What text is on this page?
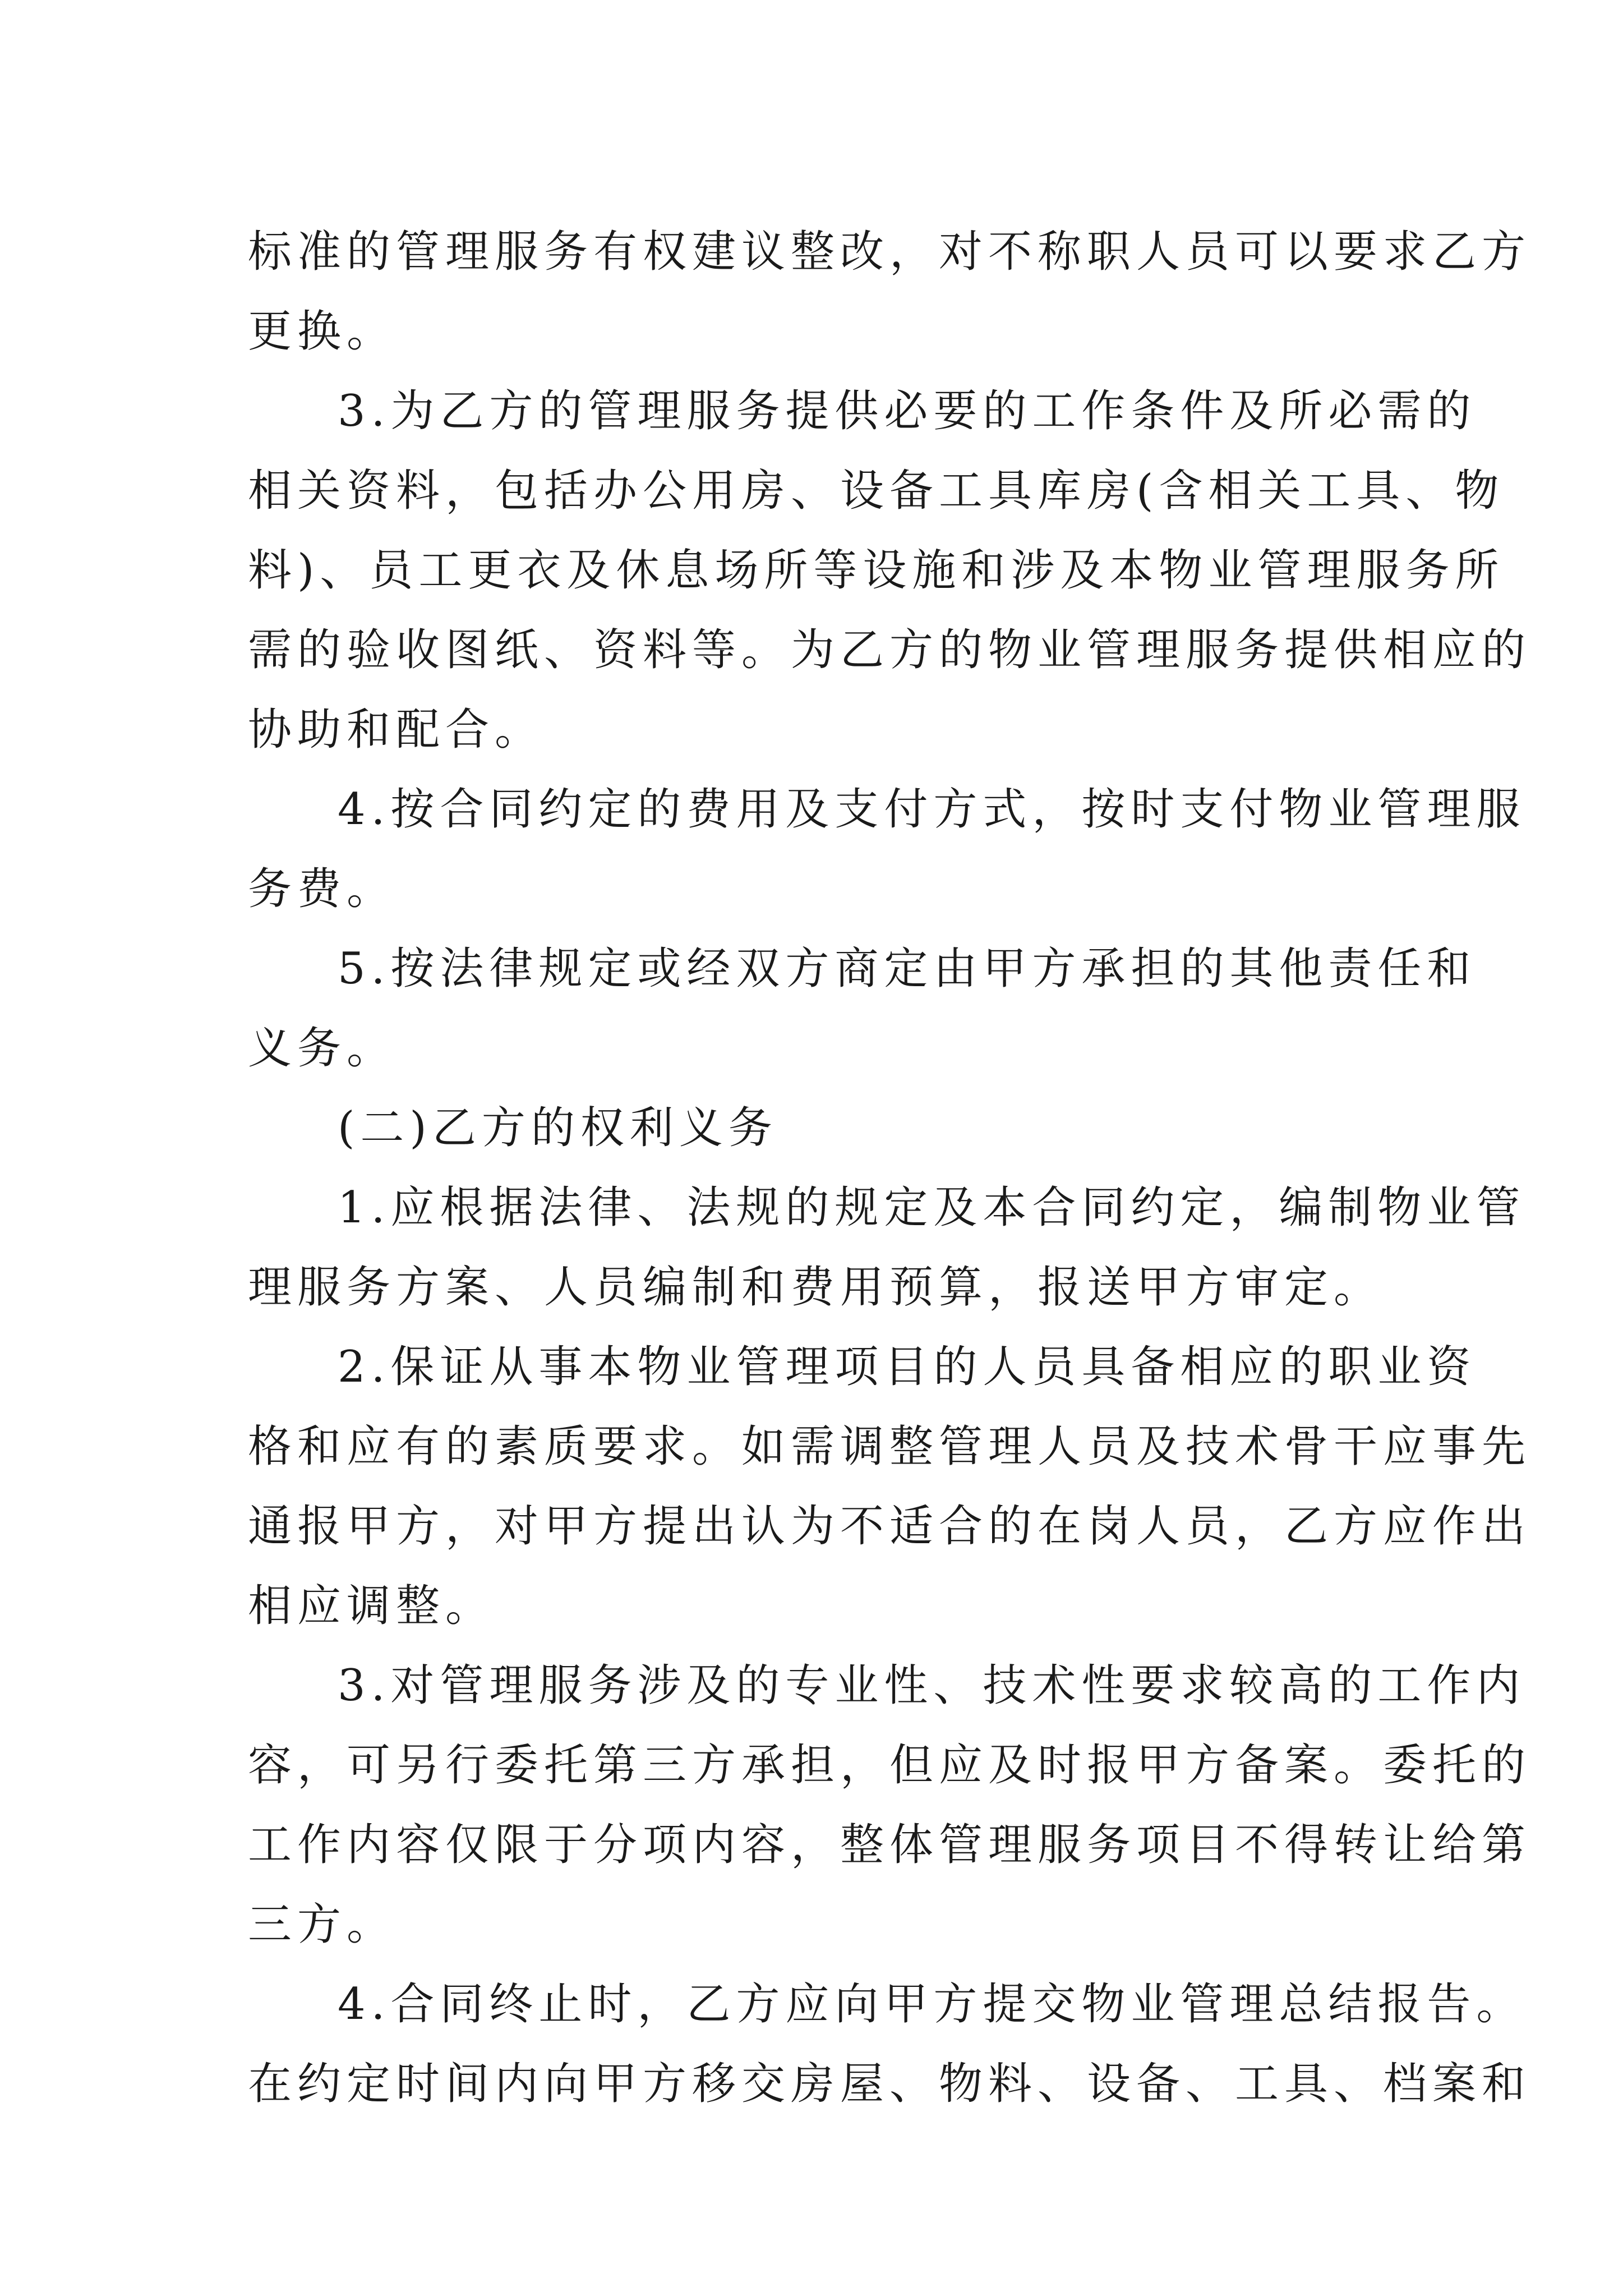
标准的管理服务有权建议整改，对不称职人员可以要求乙方
更换。
3.为乙方的管理服务提供必要的工作条件及所必需的
相关资料，包括办公用房、设备工具库房(含相关工具、物
料)、员工更衣及休息场所等设施和涉及本物业管理服务所
需的验收图纸、资料等。为乙方的物业管理服务提供相应的
协助和配合。
4.按合同约定的费用及支付方式，按时支付物业管理服
务费。
5.按法律规定或经双方商定由甲方承担的其他责任和
义务。
(二)乙方的权利义务
1.应根据法律、法规的规定及本合同约定，编制物业管
理服务方案、人员编制和费用预算，报送甲方审定。
2.保证从事本物业管理项目的人员具备相应的职业资
格和应有的素质要求。如需调整管理人员及技术骨干应事先
通报甲方，对甲方提出认为不适合的在岗人员，乙方应作出
相应调整。
3.对管理服务涉及的专业性、技术性要求较高的工作内
容，可另行委托第三方承担，但应及时报甲方备案。委托的
工作内容仅限于分项内容，整体管理服务项目不得转让给第
三方。
4.合同终止时，乙方应向甲方提交物业管理总结报告。
在约定时间内向甲方移交房屋、物料、设备、工具、档案和
